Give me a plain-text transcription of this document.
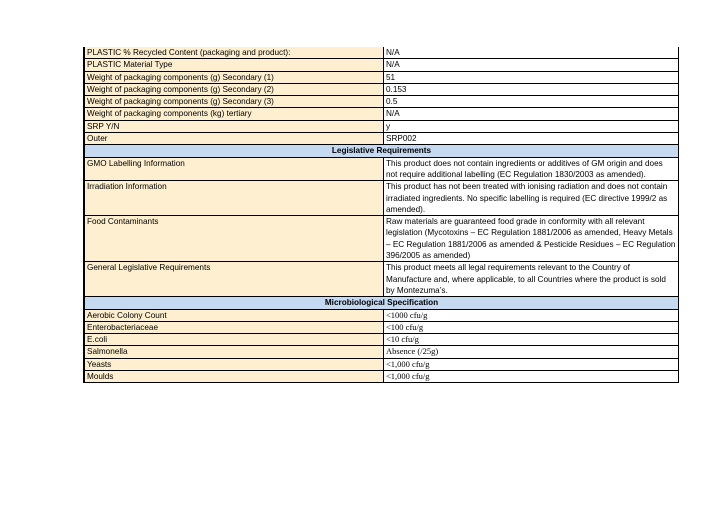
PLASTIC % Recycled Content (packaging and product):	N/A
PLASTIC Material Type	N/A
Weight of packaging components (g) Secondary (1)	51
Weight of packaging components (g) Secondary (2)	0.153
Weight of packaging components (g) Secondary (3)	0.5
Weight of packaging components (kg) tertiary	N/A
SRP Y/N	y
Outer	SRP002
Legislative Requirements	
GMO Labelling Information	This product does not contain ingredients or additives of GM origin and does not require additional labelling (EC Regulation 1830/2003 as amended).
Irradiation Information	This product has not been treated with ionising radiation and does not contain irradiated ingredients. No specific labelling is required (EC directive 1999/2 as amended).
Food Contaminants	Raw materials are guaranteed food grade in conformity with all relevant legislation (Mycotoxins – EC Regulation 1881/2006 as amended, Heavy Metals – EC Regulation 1881/2006 as amended & Pesticide Residues – EC Regulation 396/2005 as amended)
General Legislative Requirements	This product meets all legal requirements relevant to the Country of Manufacture and, where applicable, to all Countries where the product is sold by Montezuma’s.
Microbiological Specification	
Aerobic Colony Count	<1000 cfu/g
Enterobacteriaceae	<100 cfu/g
E.coli	<10 cfu/g
Salmonella	Absence (/25g)
Yeasts	<1,000 cfu/g
Moulds	<1,000 cfu/g
